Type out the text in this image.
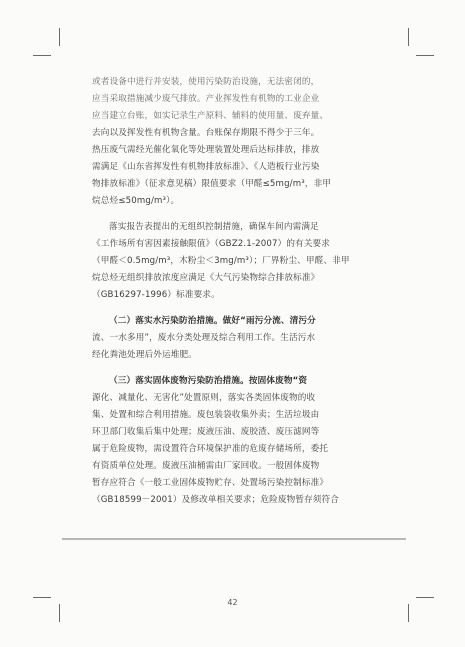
或者设备中进行并安装，使用污染防治设施，无法密闭的，
应当采取措施减少废气排放。产业挥发性有机物的工业企业
应当建立台账，如实记录生产原料、辅料的使用量、废弃量、
去向以及挥发性有机物含量。台账保存期限不得少于三年。
热压废气需经光催化氧化等处理装置处理后达标排放，排放
需满足《山东省挥发性有机物排放标准》、《人造板行业污染
物排放标准》（征求意见稿）限值要求（甲醛≤5mg/m³，非甲
烷总烃≤50mg/m³）。
落实报告表提出的无组织控制措施，确保车间内需满足
《工作场所有害因素接触限值》（GBZ2.1-2007）的有关要求
（甲醛＜0.5mg/m³，木粉尘＜3mg/m³）；厂界粉尘、甲醛、非甲
烷总烃无组织排放浓度应满足《大气污染物综合排放标准》
（GB16297-1996）标准要求。
（二）落实水污染防治措施。做好“雨污分流、清污分
流、一水多用”，废水分类处理及综合利用工作。生活污水
经化粪池处理后外运堆肥。
（三）落实固体废物污染防治措施。按固体废物“资
源化、减量化、无害化”处置原则，落实各类固体废物的收
集、处置和综合利用措施。废包装袋收集外卖；生活垃圾由
环卫部门收集后集中处理；废液压油、废胶渣、废压滤网等
属于危险废物，需设置符合环境保护准的危废存储场所，委托
有资质单位处理。废液压油桶需由厂家回收。一般固体废物
暂存应符合《一般工业固体废物贮存、处置场污染控制标准》
（GB18599－2001）及修改单相关要求；危险废物暂存须符合
42
